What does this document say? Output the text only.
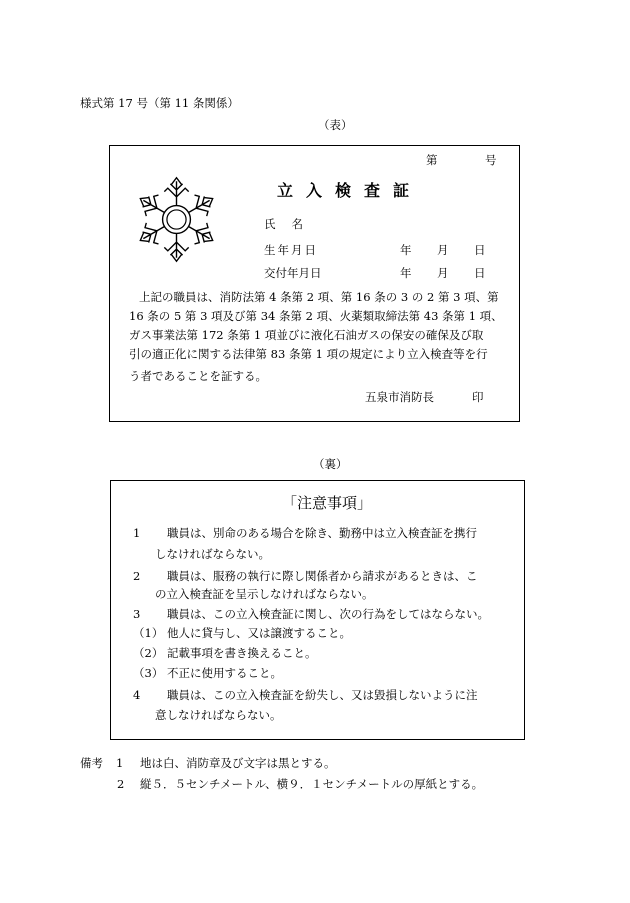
様式第 17 号（第 11 条関係）
（表）
第	号
立入検査証
氏名
生年月日
交付年月日
年 月 日
年 月 日
上記の職員は、消防法第 4 条第 2 項、第 16 条の 3 の 2 第 3 項、第
16 条の 5 第 3 項及び第 34 条第 2 項、火薬類取締法第 43 条第 1 項、
ガス事業法第 172 条第 1 項並びに液化石油ガスの保安の確保及び取
引の適正化に関する法律第 83 条第 1 項の規定により立入検査等を行
う者であることを証する。
五泉市消防長	印
（裏）
「注意事項」
1 職員は、別命のある場合を除き、勤務中は立入検査証を携行
しなければならない。
2 職員は、服務の執行に際し関係者から請求があるときは、こ
の立入検査証を呈示しなければならない。
3 職員は、この立入検査証に関し、次の行為をしてはならない。
（1） 他人に貸与し、又は譲渡すること。
（2） 記載事項を書き換えること。
（3） 不正に使用すること。
4 職員は、この立入検査証を紛失し、又は毀損しないように注
意しなければならない。
備考 1 地は白、消防章及び文字は黒とする。
2 縦５．５センチメートル、横９．１センチメートルの厚紙とする。
